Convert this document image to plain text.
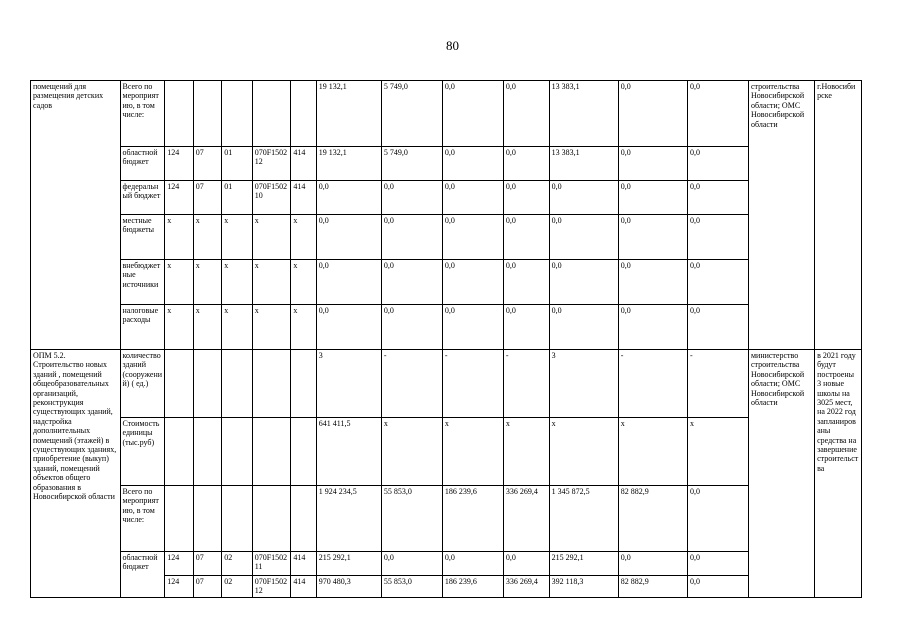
80
помещений для размещения детских садов	Всего по мероприятию, в том числе:						19 132,1	5 749,0	0,0	0,0	13 383,1	0,0	0,0	строительства Новосибирской области; ОМС Новосибирской области	г.Новосибирске
	областной бюджет	124	07	01	070F150212	414	19 132,1	5 749,0	0,0	0,0	13 383,1	0,0	0,0		
	федеральный бюджет	124	07	01	070F150210	414	0,0	0,0	0,0	0,0	0,0	0,0	0,0		
	местные бюджеты	x	x	x	x	x	0,0	0,0	0,0	0,0	0,0	0,0	0,0		
	внебюджетные источники	x	x	x	x	x	0,0	0,0	0,0	0,0	0,0	0,0	0,0		
	налоговые расходы	x	x	x	x	x	0,0	0,0	0,0	0,0	0,0	0,0	0,0		
ОПМ 5.2. Строительство новых зданий , помещений общеобразовательных организаций, реконструкция существующих зданий, надстройка дополнительных помещений (этажей) в существующих зданиях, приобретение (выкуп) зданий, помещений объектов общего образования в Новосибирской области	количество зданий (сооружений) ( ед.)						3	-	-	-	3	-	-	министерство строительства Новосибирской области; ОМС Новосибирской области	в 2021 году будут построены 3 новые школы на 3025 мест, на 2022 год запланированы средства на завершение строительства
	Стоимость единицы (тыс.руб)						641 411,5	x	x	x	x	x	x		
	Всего по мероприятию, в том числе:						1 924 234,5	55 853,0	186 239,6	336 269,4	1 345 872,5	82 882,9	0,0		
	областной бюджет	124	07	02	070F150211	414	215 292,1	0,0	0,0	0,0	215 292,1	0,0	0,0		
		124	07	02	070F150212	414	970 480,3	55 853,0	186 239,6	336 269,4	392 118,3	82 882,9	0,0		
